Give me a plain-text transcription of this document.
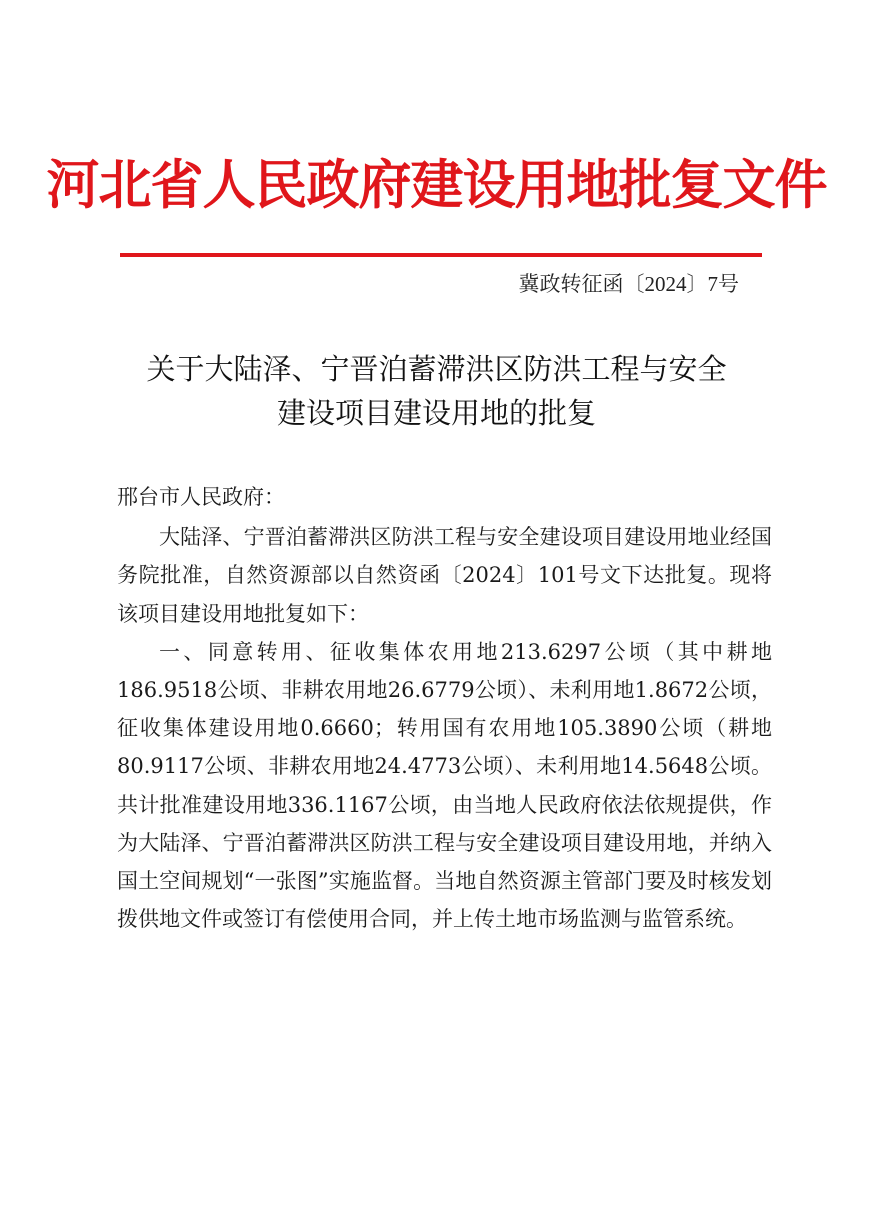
河北省人民政府建设用地批复文件
冀政转征函〔2024〕7号
关于大陆泽、宁晋泊蓄滞洪区防洪工程与安全
建设项目建设用地的批复

邢台市人民政府：

大陆泽、宁晋泊蓄滞洪区防洪工程与安全建设项目建设用地业经国务院批准，自然资源部以自然资函〔2024〕101号文下达批复。现将该项目建设用地批复如下：

一、同意转用、征收集体农用地213.6297公顷（其中耕地186.9518公顷、非耕农用地26.6779公顷）、未利用地1.8672公顷，征收集体建设用地0.6660；转用国有农用地105.3890公顷（耕地80.9117公顷、非耕农用地24.4773公顷）、未利用地14.5648公顷。共计批准建设用地336.1167公顷，由当地人民政府依法依规提供，作为大陆泽、宁晋泊蓄滞洪区防洪工程与安全建设项目建设用地，并纳入国土空间规划“一张图”实施监督。当地自然资源主管部门要及时核发划拨供地文件或签订有偿使用合同，并上传土地市场监测与监管系统。
